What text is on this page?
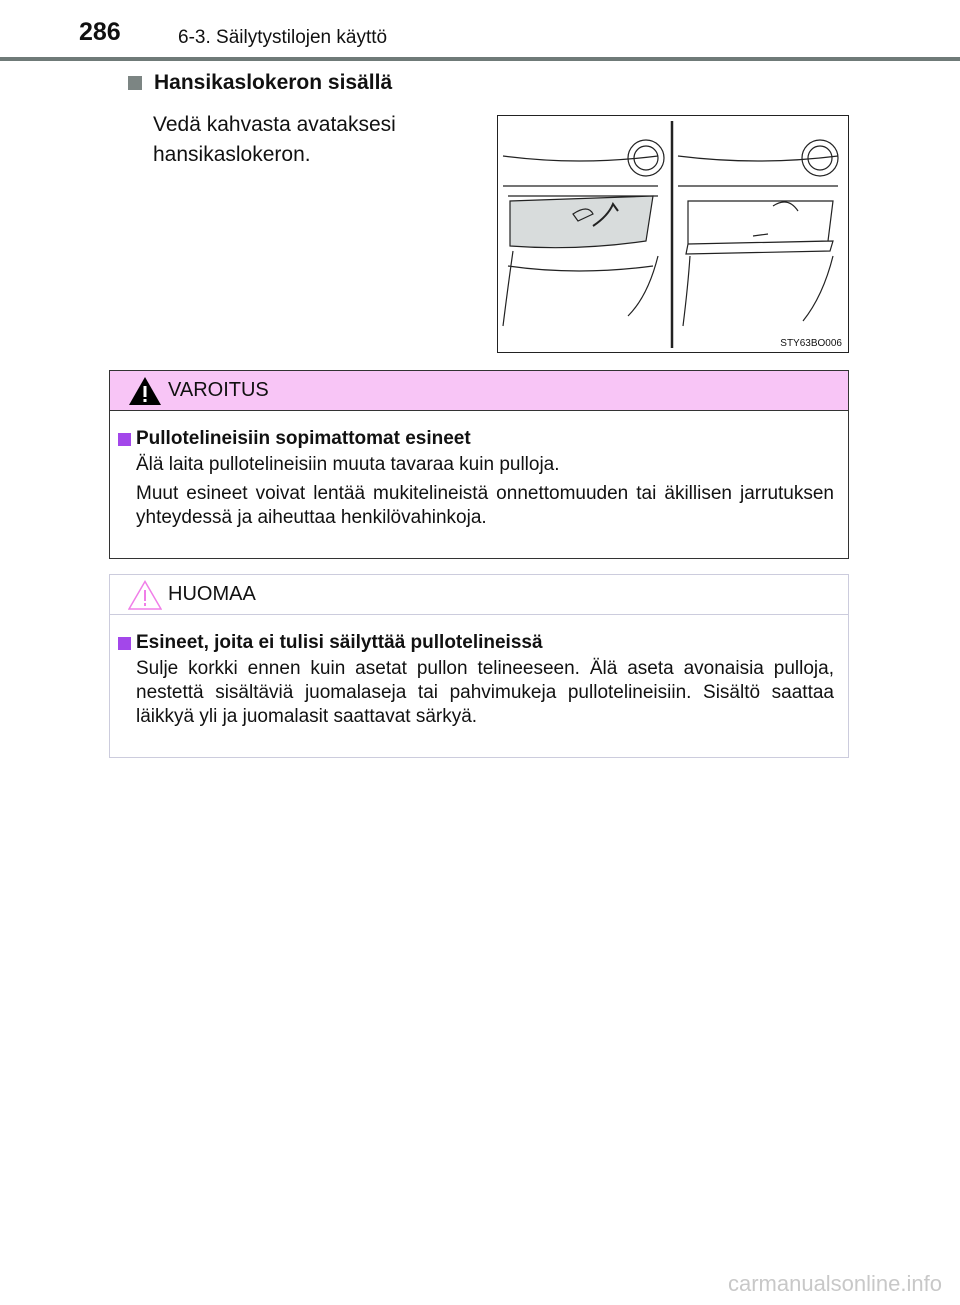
286	6-3. Säilytystilojen käyttö
Hansikaslokeron sisällä
Vedä kahvasta avataksesi hansikaslokeron.
STY63BO006
VAROITUS
Pullotelineisiin sopimattomat esineet

Älä laita pullotelineisiin muuta tavaraa kuin pulloja.

Muut esineet voivat lentää mukitelineistä onnettomuuden tai äkillisen jarrutuksen yhteydessä ja aiheuttaa henkilövahinkoja.

HUOMAA
Esineet, joita ei tulisi säilyttää pullotelineissä

Sulje korkki ennen kuin asetat pullon telineeseen. Älä aseta avonaisia pulloja, nestettä sisältäviä juomalaseja tai pahvimukeja pullotelineisiin. Sisältö saattaa läikkyä yli ja juomalasit saattavat särkyä.

carmanualsonline.info
